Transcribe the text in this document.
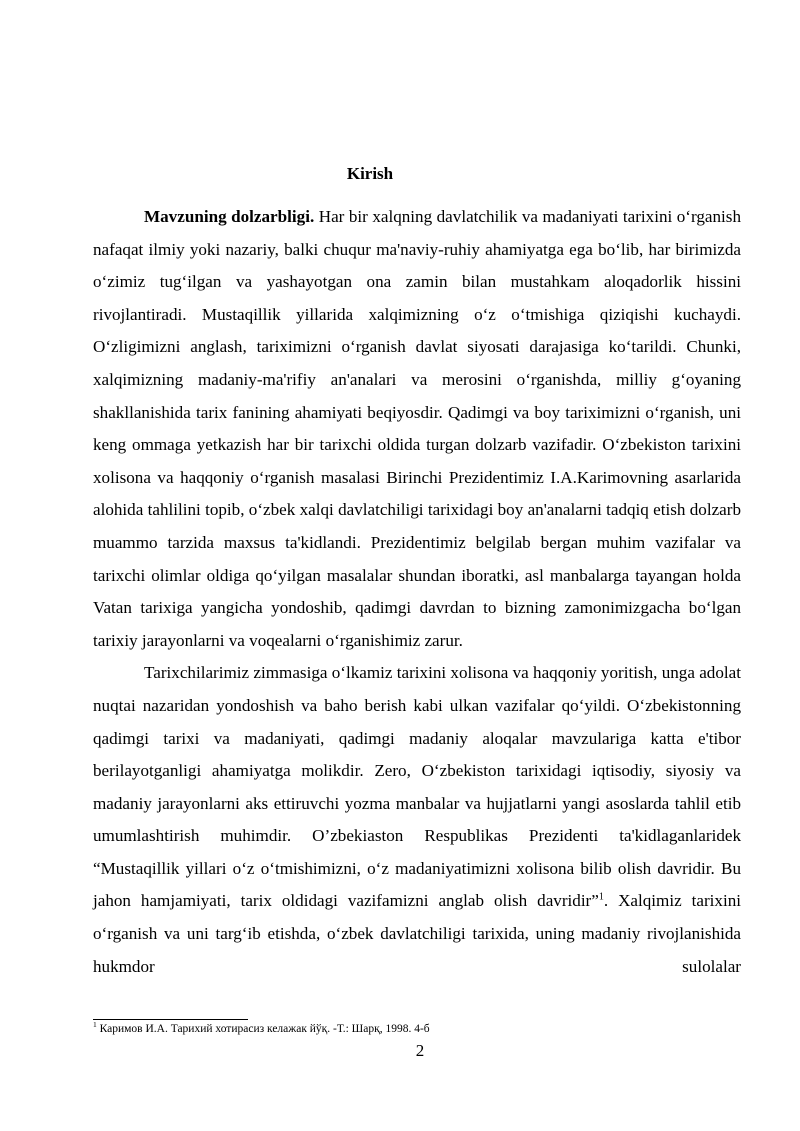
Kirish

Mavzuning dolzarbligi. Har bir xalqning davlatchilik va madaniyati tarixini o‘rganish nafaqat ilmiy yoki nazariy, balki chuqur ma'naviy-ruhiy ahamiyatga ega bo‘lib, har birimizda o‘zimiz tug‘ilgan va yashayotgan ona zamin bilan mustahkam aloqadorlik hissini rivojlantiradi. Mustaqillik yillarida xalqimizning o‘z o‘tmishiga qiziqishi kuchaydi. O‘zligimizni anglash, tariximizni o‘rganish davlat siyosati darajasiga ko‘tarildi. Chunki, xalqimizning madaniy-ma'rifiy an'analari va merosini o‘rganishda, milliy g‘oyaning shakllanishida tarix fanining ahamiyati beqiyosdir. Qadimgi va boy tariximizni o‘rganish, uni keng ommaga yetkazish har bir tarixchi oldida turgan dolzarb vazifadir. O‘zbekiston tarixini xolisona va haqqoniy o‘rganish masalasi Birinchi Prezidentimiz I.A.Karimovning asarlarida alohida tahlilini topib, o‘zbek xalqi davlatchiligi tarixidagi boy an'analarni tadqiq etish dolzarb muammo tarzida maxsus ta'kidlandi. Prezidentimiz belgilab bergan muhim vazifalar va tarixchi olimlar oldiga qo‘yilgan masalalar shundan iboratki, asl manbalarga tayangan holda Vatan tarixiga yangicha yondoshib, qadimgi davrdan to bizning zamonimizgacha bo‘lgan tarixiy jarayonlarni va voqealarni o‘rganishimiz zarur.

Tarixchilarimiz zimmasiga o‘lkamiz tarixini xolisona va haqqoniy yoritish, unga adolat nuqtai nazaridan yondoshish va baho berish kabi ulkan vazifalar qo‘yildi. O‘zbekistonning qadimgi tarixi va madaniyati, qadimgi madaniy aloqalar mavzulariga katta e'tibor berilayotganligi ahamiyatga molikdir. Zero, O‘zbekiston tarixidagi iqtisodiy, siyosiy va madaniy jarayonlarni aks ettiruvchi yozma manbalar va hujjatlarni yangi asoslarda tahlil etib umumlashtirish muhimdir. O’zbekiaston Respublikas Prezidenti ta'kidlaganlaridek “Mustaqillik yillari o‘z o‘tmishimizni, o‘z madaniyatimizni xolisona bilib olish davridir. Bu jahon hamjamiyati, tarix oldidagi vazifamizni anglab olish davridir”$^1$. Xalqimiz tarixini o‘rganish va uni targ‘ib etishda, o‘zbek davlatchiligi tarixida, uning madaniy rivojlanishida hukmdor sulolalar

$^1$ Каримов И.А. Тарихий хотирасиз келажак йўқ. -Т.: Шарқ, 1998. 4-б
2
